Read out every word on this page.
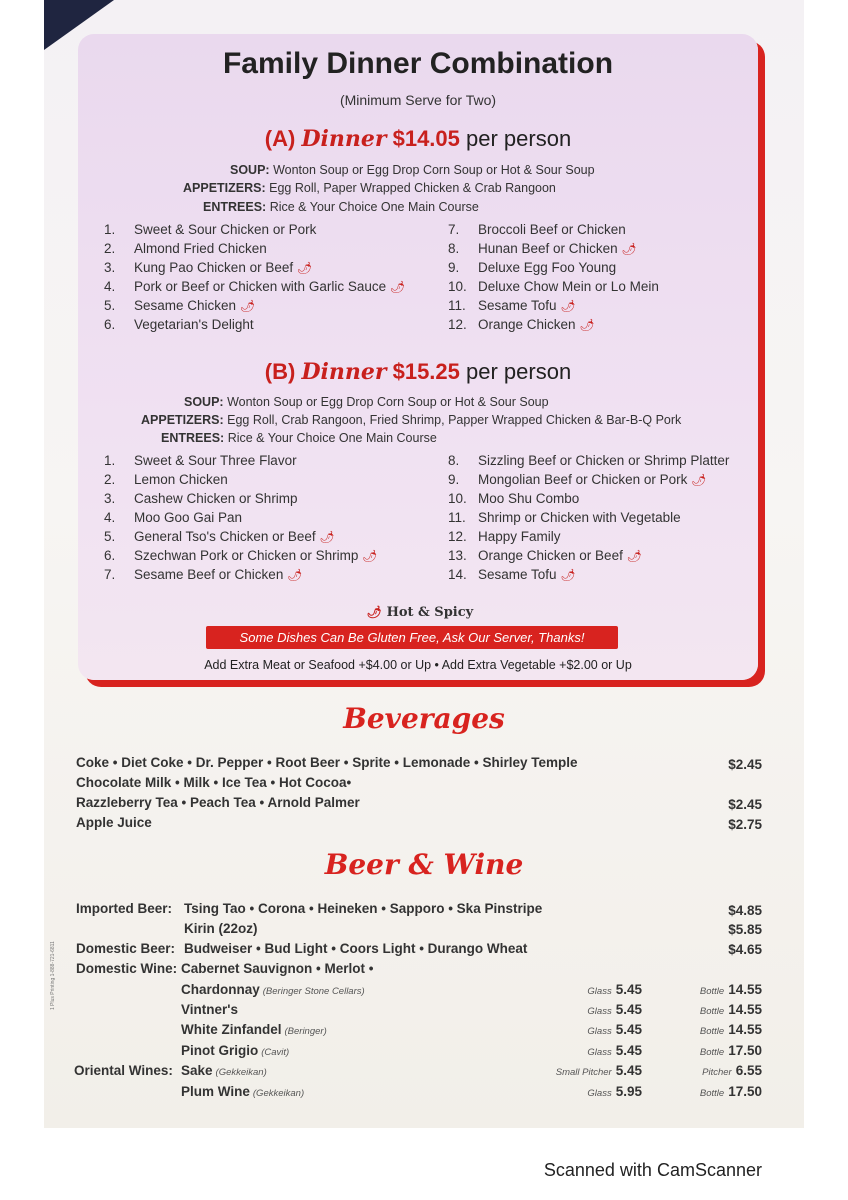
Family Dinner Combination
(Minimum Serve for Two)
(A) Dinner $14.05 per person
SOUP: Wonton Soup or Egg Drop Corn Soup or Hot & Sour Soup
APPETIZERS: Egg Roll, Paper Wrapped Chicken & Crab Rangoon
ENTREES: Rice & Your Choice One Main Course
1. Sweet & Sour Chicken or Pork
2. Almond Fried Chicken
3. Kung Pao Chicken or Beef 🌶
4. Pork or Beef or Chicken with Garlic Sauce 🌶
5. Sesame Chicken 🌶
6. Vegetarian's Delight
7. Broccoli Beef or Chicken
8. Hunan Beef or Chicken 🌶
9. Deluxe Egg Foo Young
10. Deluxe Chow Mein or Lo Mein
11. Sesame Tofu 🌶
12. Orange Chicken 🌶
(B) Dinner $15.25 per person
SOUP: Wonton Soup or Egg Drop Corn Soup or Hot & Sour Soup
APPETIZERS: Egg Roll, Crab Rangoon, Fried Shrimp, Papper Wrapped Chicken & Bar-B-Q Pork
ENTREES: Rice & Your Choice One Main Course
1. Sweet & Sour Three Flavor
2. Lemon Chicken
3. Cashew Chicken or Shrimp
4. Moo Goo Gai Pan
5. General Tso's Chicken or Beef 🌶
6. Szechwan Pork or Chicken or Shrimp 🌶
7. Sesame Beef or Chicken 🌶
8. Sizzling Beef or Chicken or Shrimp Platter
9. Mongolian Beef or Chicken or Pork 🌶
10. Moo Shu Combo
11. Shrimp or Chicken with Vegetable
12. Happy Family
13. Orange Chicken or Beef 🌶
14. Sesame Tofu 🌶
🌶 Hot & Spicy
Some Dishes Can Be Gluten Free, Ask Our Server, Thanks!
Add Extra Meat or Seafood +$4.00 or Up • Add Extra Vegetable +$2.00 or Up
Beverages
Coke • Diet Coke • Dr. Pepper • Root Beer • Sprite • Lemonade • Shirley Temple	$2.45
Chocolate Milk • Milk • Ice Tea • Hot Cocoa•
Razzleberry Tea • Peach Tea • Arnold Palmer	$2.45
Apple Juice	$2.75
Beer & Wine
Imported Beer: Tsing Tao • Corona • Heineken • Sapporo • Ska Pinstripe	$4.85
Kirin (22oz)	$5.85
Domestic Beer: Budweiser • Bud Light • Coors Light • Durango Wheat	$4.65
Domestic Wine: Cabernet Sauvignon • Merlot •
Chardonnay (Beringer Stone Cellars)	Glass 5.45	Bottle 14.55
Vintner's	Glass 5.45	Bottle 14.55
White Zinfandel (Beringer)	Glass 5.45	Bottle 14.55
Pinot Grigio (Cavit)	Glass 5.45	Bottle 17.50
Oriental Wines: Sake (Gekkeikan)	Small Pitcher 5.45	Pitcher 6.55
Plum Wine (Gekkeikan)	Glass 5.95	Bottle 17.50
1 Plus Printing 1-888-721-6811
Scanned with CamScanner
